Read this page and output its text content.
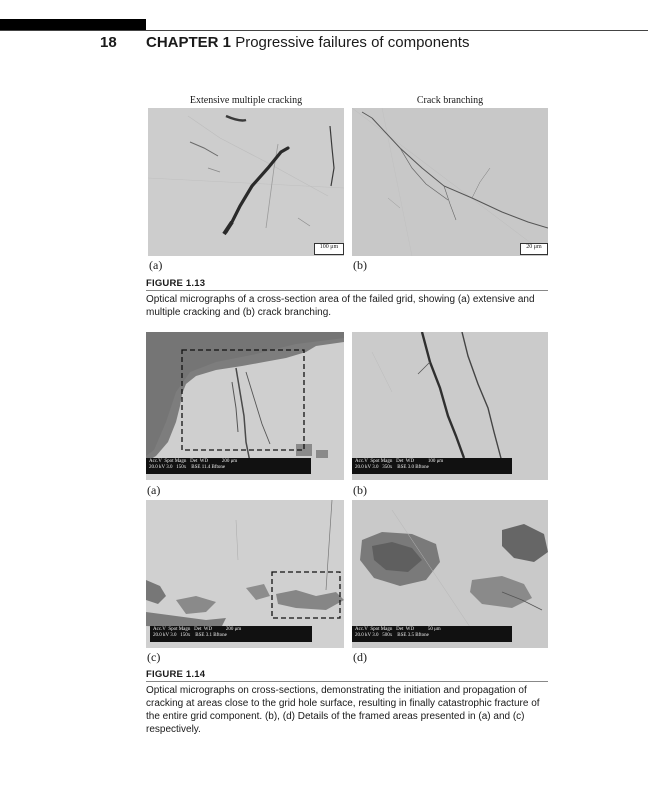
18 CHAPTER 1 Progressive failures of components
Extensive multiple cracking	Crack branching
100 μm	20 μm
(a)	(b)
FIGURE 1.13
Optical micrographs of a cross-section area of the failed grid, showing (a) extensive and multiple cracking and (b) crack branching.
Acc.V  Spot Magn   Det  WD           200 μm
20.0 kV 3.0   150x    BSE 11.4 Bftone
Acc.V  Spot Magn   Det  WD           100 μm
20.0 kV 3.0   350x    BSE 3.0 Bftone
(a)	(b)
Acc.V  Spot Magn   Det  WD           200 μm
20.0 kV 3.0   150x    BSE 3.1 Bftone
Acc.V  Spot Magn   Det  WD           50 μm
20.0 kV 3.0   500x    BSE 3.5 Bftone
(c)	(d)
FIGURE 1.14
Optical micrographs on cross-sections, demonstrating the initiation and propagation of cracking at areas close to the grid hole surface, resulting in finally catastrophic fracture of the entire grid component. (b), (d) Details of the framed areas presented in (a) and (c) respectively.
